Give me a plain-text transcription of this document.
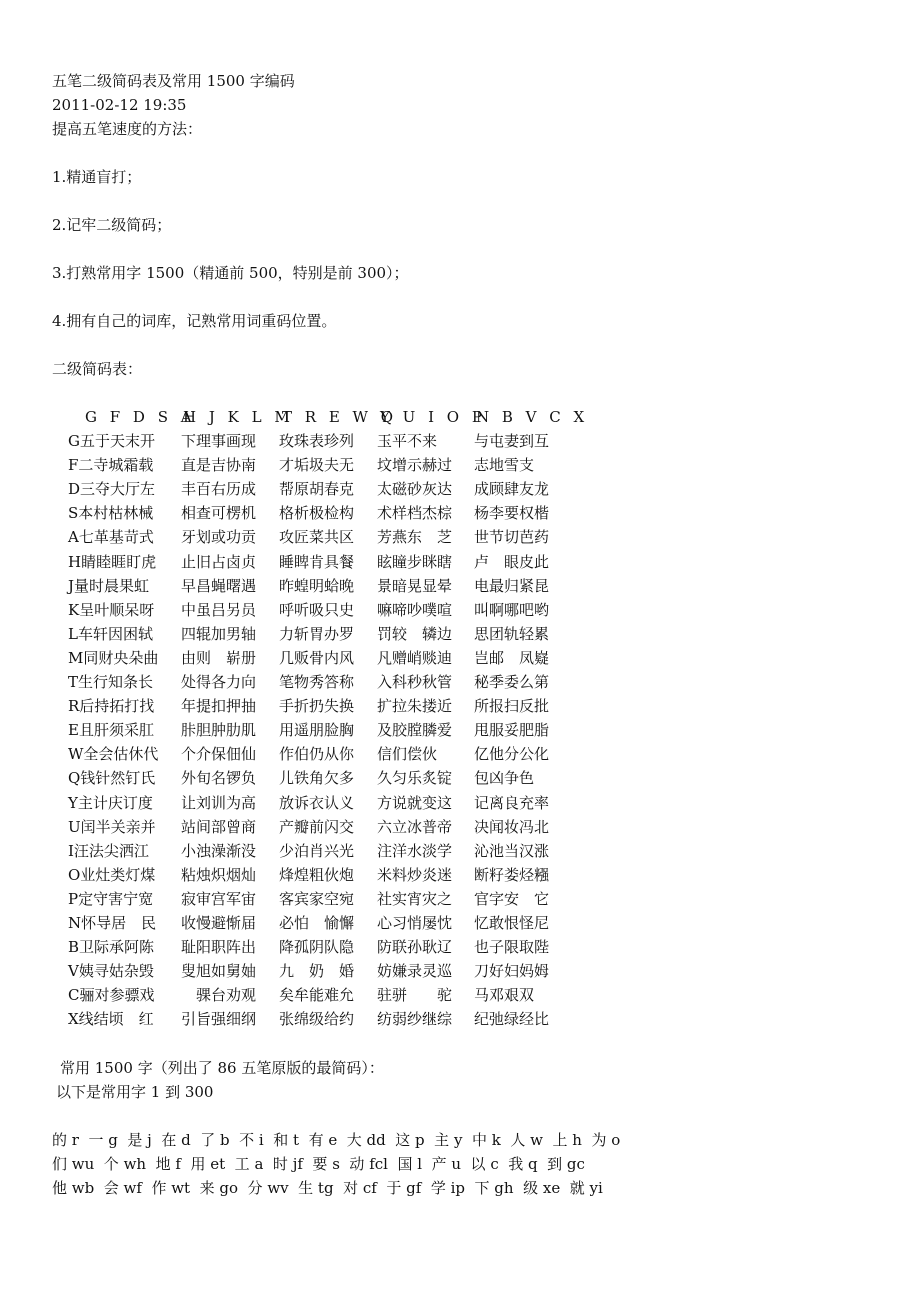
五笔二级简码表及常用 1500 字编码
2011-02-12 19:35
提高五笔速度的方法：
1.精通盲打；
2.记牢二级简码；
3.打熟常用字 1500（精通前 500，特别是前 300）；
4.拥有自己的词库，记熟常用词重码位置。
二级简码表：
G F D S A
H J K L M
T R E W Q
Y U I O P
N B V C X
G五于天末开 下理事画现 玫珠表珍列 玉平不来 与屯妻到互
F二寺城霜载 直是吉协南 才垢圾夫无 坟增示赫过 志地雪支
D三夺大厅左 丰百右历成 帮原胡春克 太磁砂灰达 成顾肆友龙
S本村枯林械 相查可楞机 格析极检构 术样档杰棕 杨李要权楷
A七革基苛式 牙划或功贡 攻匠菜共区 芳燕东　芝 世节切芭药
H睛睦睚盯虎 止旧占卤贞 睡睥肯具餐 眩瞳步眯瞎 卢　眼皮此
J量时晨果虹 早昌蝇曙遇 昨蝗明蛤晚 景暗晃显晕 电最归紧昆
K呈叶顺呆呀 中虽吕另员 呼听吸只史 嘛啼吵噗喧 叫啊哪吧哟
L车轩因困轼 四辊加男轴 力斩胃办罗 罚较　辚边 思团轨轻累
M同财央朵曲 由则　崭册 几贩骨内风 凡赠峭赕迪 岂邮　凤嶷
T生行知条长 处得各力向 笔物秀答称 入科秒秋管 秘季委么第
R后持拓打找 年提扣押抽 手折扔失换 扩拉朱搂近 所报扫反批
E且肝须采肛 胩胆肿肋肌 用遥朋脸胸 及胶膛膦爱 甩服妥肥脂
W全会估休代 个介保佃仙 作伯仍从你 信们偿伙 亿他分公化
Q钱针然钉氏 外旬名锣负 儿铁角欠多 久匀乐炙锭 包凶争色
Y主计庆订度 让刘训为高 放诉衣认义 方说就变这 记离良充率
U闰半关亲并 站间部曾商 产瓣前闪交 六立冰普帝 决闻妆冯北
I汪法尖洒江 小浊澡渐没 少泊肖兴光 注洋水淡学 沁池当汉涨
O业灶类灯煤 粘烛炽烟灿 烽煌粗伙炮 米料炒炎迷 断籽娄烃糨
P定守害宁宽 寂审宫军宙 客宾家空宛 社实宵灾之 官字安　它
N怀导居　民 收慢避惭届 必怕　愉懈 心习悄屡忱 忆敢恨怪尼
B卫际承阿陈 耻阳职阵出 降孤阴队隐 防联孙耿辽 也子限取陛
V姨寻姑杂毁 叟旭如舅妯 九　奶　婚 妨嫌录灵巡 刀好妇妈姆
C骊对参骠戏 　骒台劝观 矣牟能难允 驻骈　　驼 马邓艰双
X线结顷　红 引旨强细纲 张绵级给约 纺弱纱继综 纪弛绿经比
常用 1500 字（列出了 86 五笔原版的最简码）：
以下是常用字 1 到 300
的 r  一 g  是 j  在 d  了 b  不 i  和 t  有 e  大 dd  这 p  主 y  中 k  人 w  上 h  为 o
们 wu  个 wh  地 f  用 et  工 a  时 jf  要 s  动 fcl  国 l  产 u  以 c  我 q  到 gc
他 wb  会 wf  作 wt  来 go  分 wv  生 tg  对 cf  于 gf  学 ip  下 gh  级 xe  就 yi
